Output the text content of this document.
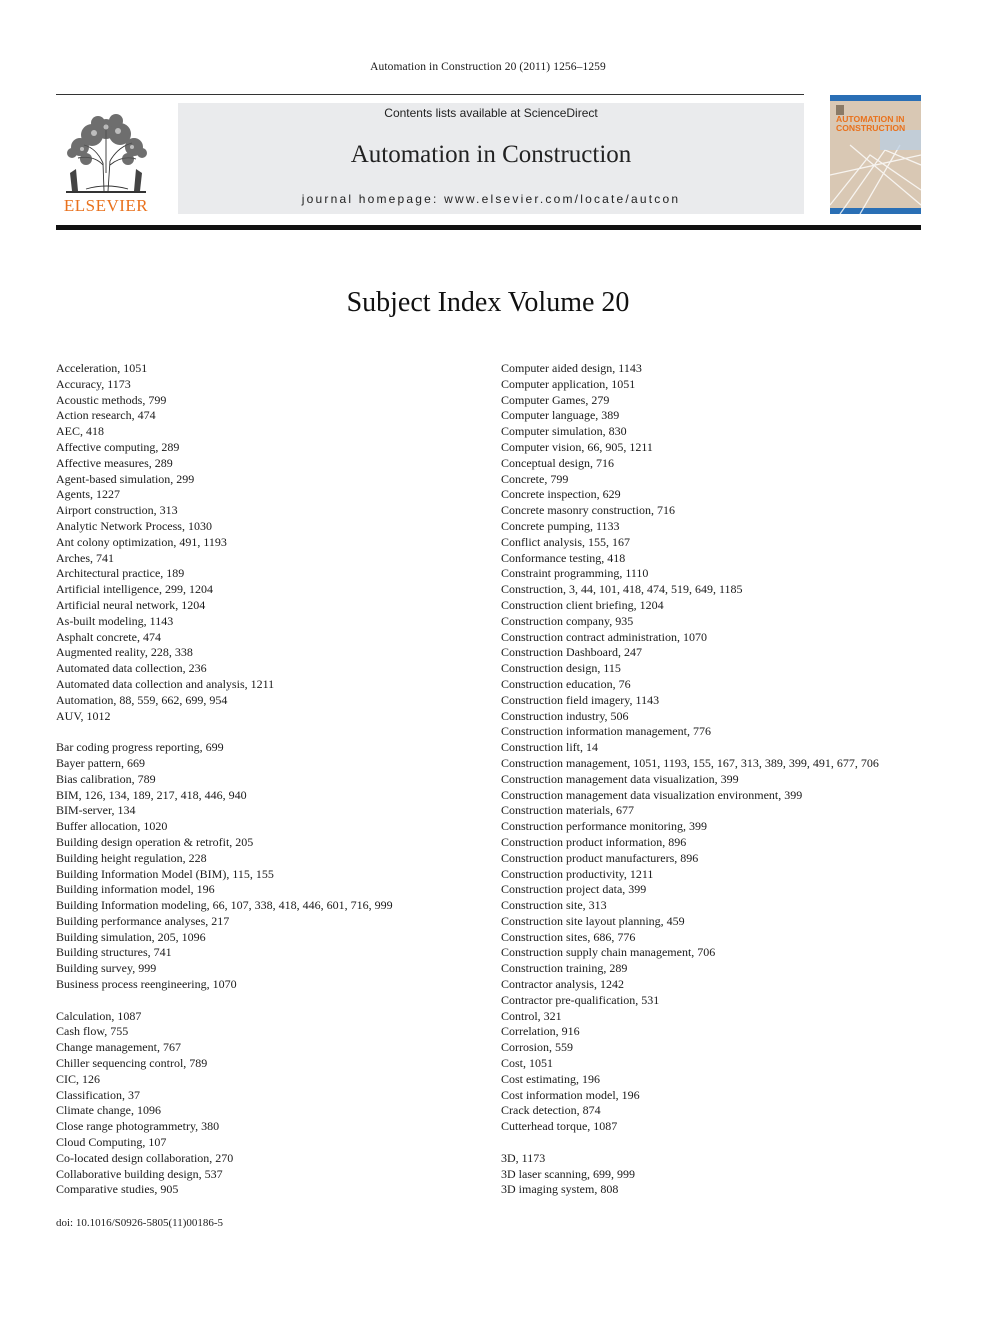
Automation in Construction 20 (2011) 1256–1259
ELSEVIER
Contents lists available at ScienceDirect
Automation in Construction
journal homepage: www.elsevier.com/locate/autcon
AUTOMATION IN
CONSTRUCTION
Subject Index Volume 20
Acceleration, 1051
Accuracy, 1173
Acoustic methods, 799
Action research, 474
AEC, 418
Affective computing, 289
Affective measures, 289
Agent-based simulation, 299
Agents, 1227
Airport construction, 313
Analytic Network Process, 1030
Ant colony optimization, 491, 1193
Arches, 741
Architectural practice, 189
Artificial intelligence, 299, 1204
Artificial neural network, 1204
As-built modeling, 1143
Asphalt concrete, 474
Augmented reality, 228, 338
Automated data collection, 236
Automated data collection and analysis, 1211
Automation, 88, 559, 662, 699, 954
AUV, 1012
Bar coding progress reporting, 699
Bayer pattern, 669
Bias calibration, 789
BIM, 126, 134, 189, 217, 418, 446, 940
BIM-server, 134
Buffer allocation, 1020
Building design operation & retrofit, 205
Building height regulation, 228
Building Information Model (BIM), 115, 155
Building information model, 196
Building Information modeling, 66, 107, 338, 418, 446, 601, 716, 999
Building performance analyses, 217
Building simulation, 205, 1096
Building structures, 741
Building survey, 999
Business process reengineering, 1070
Calculation, 1087
Cash flow, 755
Change management, 767
Chiller sequencing control, 789
CIC, 126
Classification, 37
Climate change, 1096
Close range photogrammetry, 380
Cloud Computing, 107
Co-located design collaboration, 270
Collaborative building design, 537
Comparative studies, 905
Computer aided design, 1143
Computer application, 1051
Computer Games, 279
Computer language, 389
Computer simulation, 830
Computer vision, 66, 905, 1211
Conceptual design, 716
Concrete, 799
Concrete inspection, 629
Concrete masonry construction, 716
Concrete pumping, 1133
Conflict analysis, 155, 167
Conformance testing, 418
Constraint programming, 1110
Construction, 3, 44, 101, 418, 474, 519, 649, 1185
Construction client briefing, 1204
Construction company, 935
Construction contract administration, 1070
Construction Dashboard, 247
Construction design, 115
Construction education, 76
Construction field imagery, 1143
Construction industry, 506
Construction information management, 776
Construction lift, 14
Construction management, 1051, 1193, 155, 167, 313, 389, 399, 491, 677, 706
Construction management data visualization, 399
Construction management data visualization environment, 399
Construction materials, 677
Construction performance monitoring, 399
Construction product information, 896
Construction product manufacturers, 896
Construction productivity, 1211
Construction project data, 399
Construction site, 313
Construction site layout planning, 459
Construction sites, 686, 776
Construction supply chain management, 706
Construction training, 289
Contractor analysis, 1242
Contractor pre-qualification, 531
Control, 321
Correlation, 916
Corrosion, 559
Cost, 1051
Cost estimating, 196
Cost information model, 196
Crack detection, 874
Cutterhead torque, 1087
3D, 1173
3D laser scanning, 699, 999
3D imaging system, 808
doi: 10.1016/S0926-5805(11)00186-5
